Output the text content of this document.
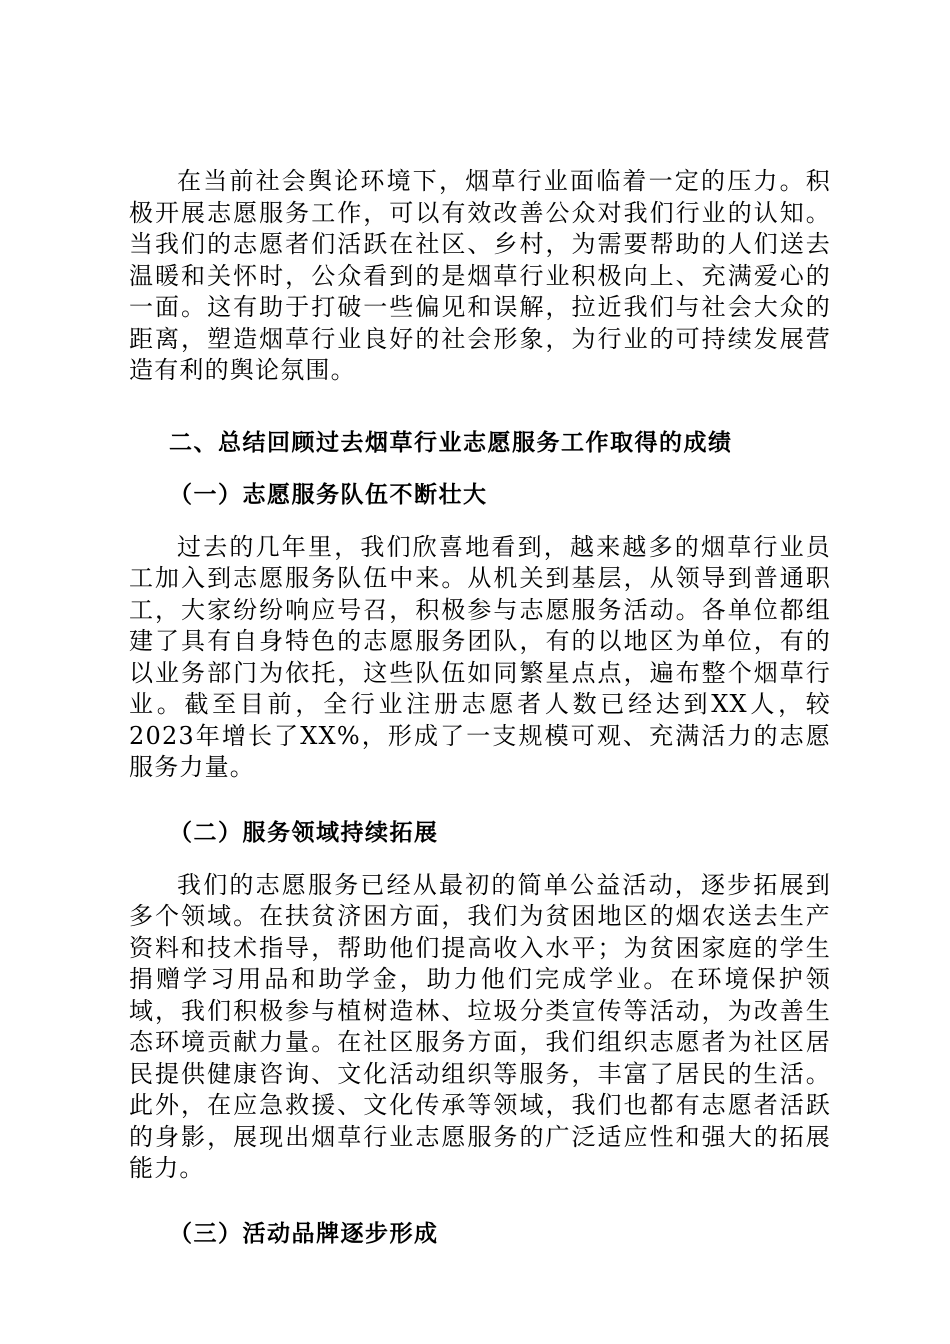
在当前社会舆论环境下，烟草行业面临着一定的压力。积极开展志愿服务工作，可以有效改善公众对我们行业的认知。当我们的志愿者们活跃在社区、乡村，为需要帮助的人们送去温暖和关怀时，公众看到的是烟草行业积极向上、充满爱心的一面。这有助于打破一些偏见和误解，拉近我们与社会大众的距离，塑造烟草行业良好的社会形象，为行业的可持续发展营造有利的舆论氛围。

二、总结回顾过去烟草行业志愿服务工作取得的成绩
（一）志愿服务队伍不断壮大

过去的几年里，我们欣喜地看到，越来越多的烟草行业员工加入到志愿服务队伍中来。从机关到基层，从领导到普通职工，大家纷纷响应号召，积极参与志愿服务活动。各单位都组建了具有自身特色的志愿服务团队，有的以地区为单位，有的以业务部门为依托，这些队伍如同繁星点点，遍布整个烟草行业。截至目前，全行业注册志愿者人数已经达到XX人，较2023年增长了XX%，形成了一支规模可观、充满活力的志愿服务力量。

（二）服务领域持续拓展

我们的志愿服务已经从最初的简单公益活动，逐步拓展到多个领域。在扶贫济困方面，我们为贫困地区的烟农送去生产资料和技术指导，帮助他们提高收入水平；为贫困家庭的学生捐赠学习用品和助学金，助力他们完成学业。在环境保护领域，我们积极参与植树造林、垃圾分类宣传等活动，为改善生态环境贡献力量。在社区服务方面，我们组织志愿者为社区居民提供健康咨询、文化活动组织等服务，丰富了居民的生活。此外，在应急救援、文化传承等领域，我们也都有志愿者活跃的身影，展现出烟草行业志愿服务的广泛适应性和强大的拓展能力。

（三）活动品牌逐步形成
